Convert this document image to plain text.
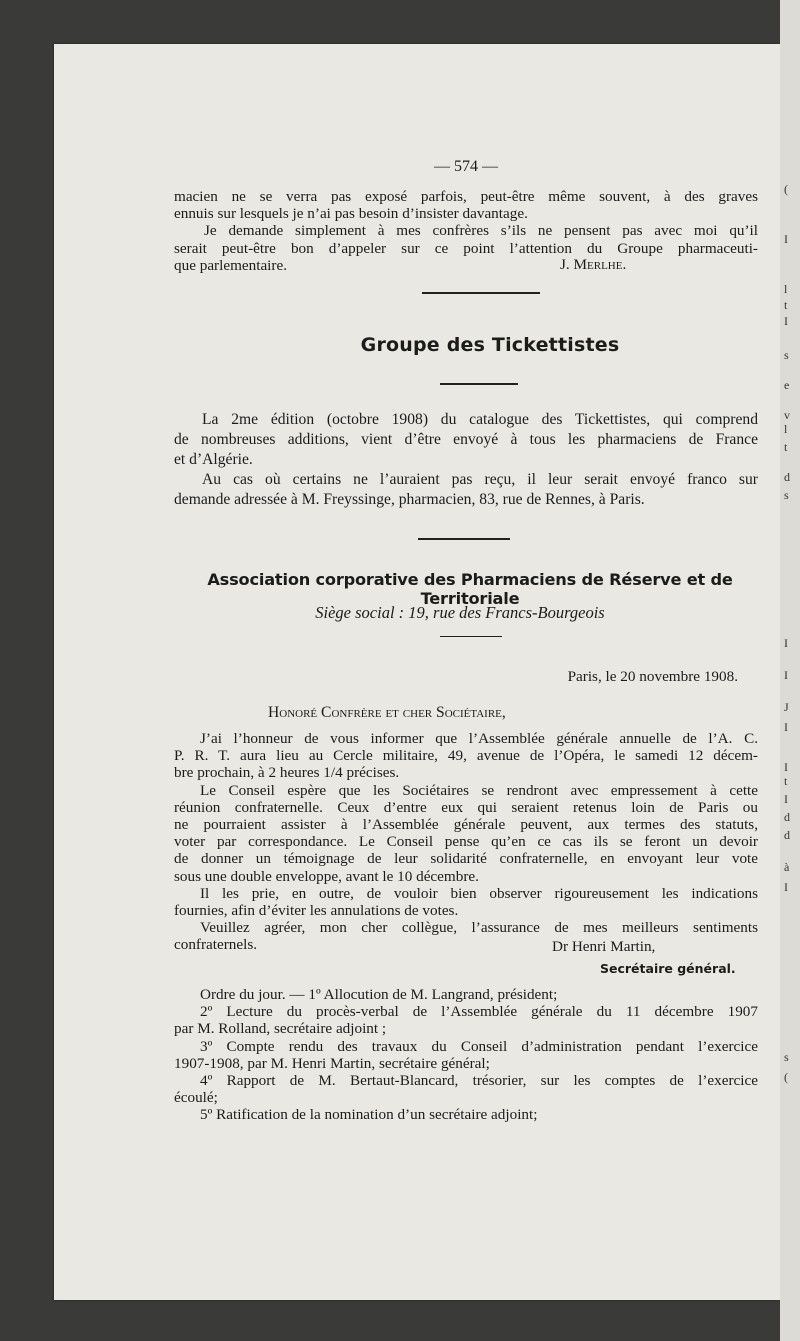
(
I
l
t
I
s
e
v
l
t
d
s
I
I
J
I
I
t
I
d
d
à
I
s
(
— 574 —
macien ne se verra pas exposé parfois, peut-être même souvent, à des graves
ennuis sur lesquels je n’ai pas besoin d’insister davantage.
Je demande simplement à mes confrères s’ils ne pensent pas avec moi qu’il
serait peut-être bon d’appeler sur ce point l’attention du Groupe pharmaceuti-
que parlementaire.	J. Merlhe.
Groupe des Tickettistes
La 2me édition (octobre 1908) du catalogue des Tickettistes, qui comprend
de nombreuses additions, vient d’être envoyé à tous les pharmaciens de France
et d’Algérie.
Au cas où certains ne l’auraient pas reçu, il leur serait envoyé franco sur
demande adressée à M. Freyssinge, pharmacien, 83, rue de Rennes, à Paris.
Association corporative des Pharmaciens de Réserve et de Territoriale
Siège social : 19, rue des Francs-Bourgeois
Paris, le 20 novembre 1908.
Honoré Confrère et cher Sociétaire,
J’ai l’honneur de vous informer que l’Assemblée générale annuelle de l’A. C.
P. R. T. aura lieu au Cercle militaire, 49, avenue de l’Opéra, le samedi 12 décem-
bre prochain, à 2 heures 1/4 précises.
Le Conseil espère que les Sociétaires se rendront avec empressement à cette
réunion confraternelle. Ceux d’entre eux qui seraient retenus loin de Paris ou
ne pourraient assister à l’Assemblée générale peuvent, aux termes des statuts,
voter par correspondance. Le Conseil pense qu’en ce cas ils se feront un devoir
de donner un témoignage de leur solidarité confraternelle, en envoyant leur vote
sous une double enveloppe, avant le 10 décembre.
Il les prie, en outre, de vouloir bien observer rigoureusement les indications
fournies, afin d’éviter les annulations de votes.
Veuillez agréer, mon cher collègue, l’assurance de mes meilleurs sentiments
confraternels.	Dr Henri Martin,
Secrétaire général.
Ordre du jour. — 1º Allocution de M. Langrand, président;
2º Lecture du procès-verbal de l’Assemblée générale du 11 décembre 1907
par M. Rolland, secrétaire adjoint ;
3º Compte rendu des travaux du Conseil d’administration pendant l’exercice
1907-1908, par M. Henri Martin, secrétaire général;
4º Rapport de M. Bertaut-Blancard, trésorier, sur les comptes de l’exercice
écoulé;
5º Ratification de la nomination d’un secrétaire adjoint;
